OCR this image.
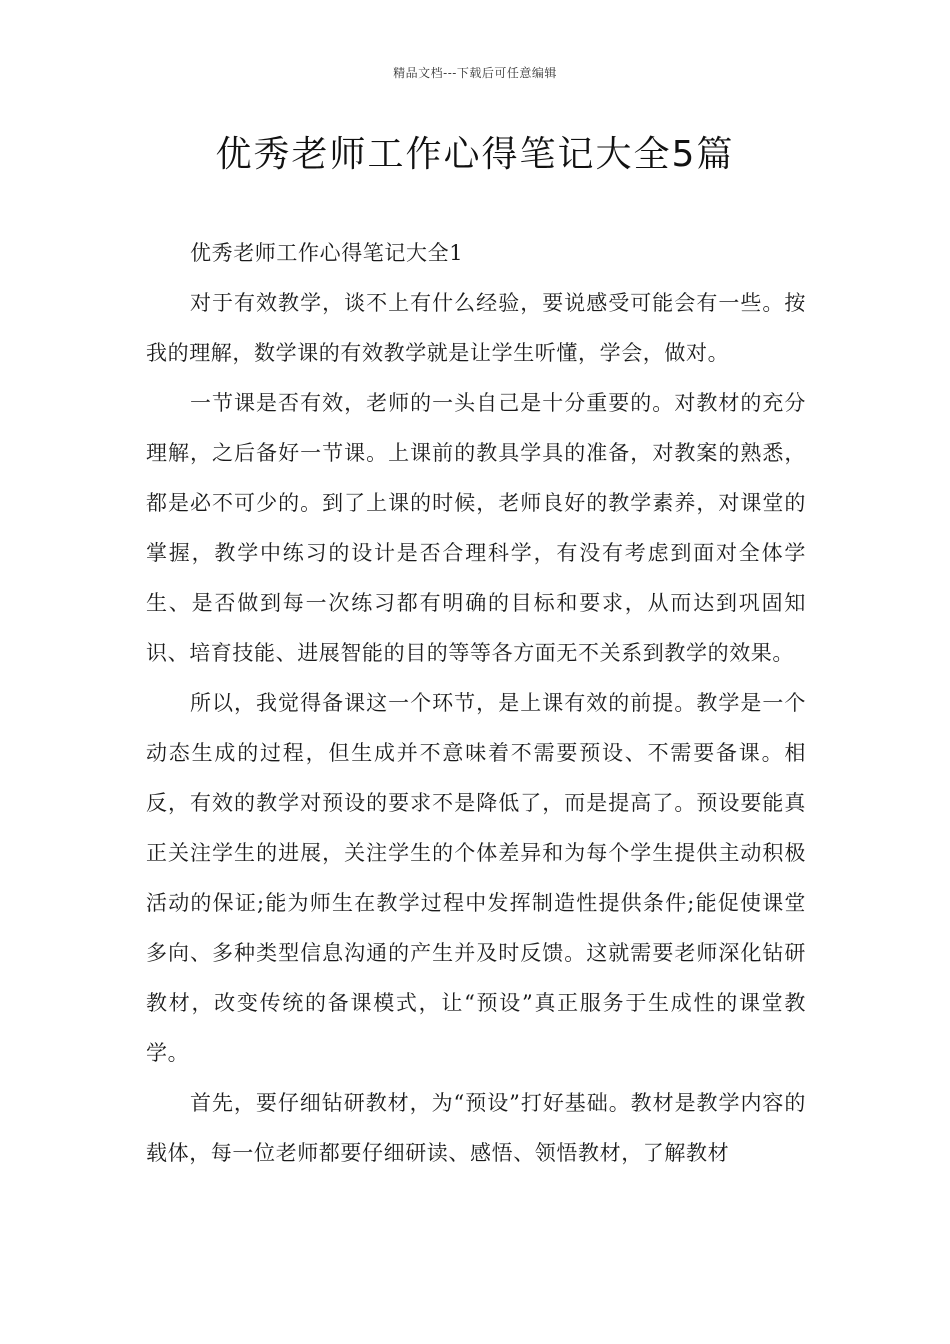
精品文档---下载后可任意编辑
优秀老师工作心得笔记大全5篇

优秀老师工作心得笔记大全1

对于有效教学，谈不上有什么经验，要说感受可能会有一些。按我的理解，数学课的有效教学就是让学生听懂，学会，做对。

一节课是否有效，老师的一头自己是十分重要的。对教材的充分理解，之后备好一节课。上课前的教具学具的准备，对教案的熟悉，都是必不可少的。到了上课的时候，老师良好的教学素养，对课堂的掌握，教学中练习的设计是否合理科学，有没有考虑到面对全体学生、是否做到每一次练习都有明确的目标和要求，从而达到巩固知识、培育技能、进展智能的目的等等各方面无不关系到教学的效果。

所以，我觉得备课这一个环节，是上课有效的前提。教学是一个动态生成的过程，但生成并不意味着不需要预设、不需要备课。相反，有效的教学对预设的要求不是降低了，而是提高了。预设要能真正关注学生的进展，关注学生的个体差异和为每个学生提供主动积极活动的保证;能为师生在教学过程中发挥制造性提供条件;能促使课堂多向、多种类型信息沟通的产生并及时反馈。这就需要老师深化钻研教材，改变传统的备课模式，让“预设”真正服务于生成性的课堂教学。

首先，要仔细钻研教材，为“预设”打好基础。教材是教学内容的载体，每一位老师都要仔细研读、感悟、领悟教材，了解教材
